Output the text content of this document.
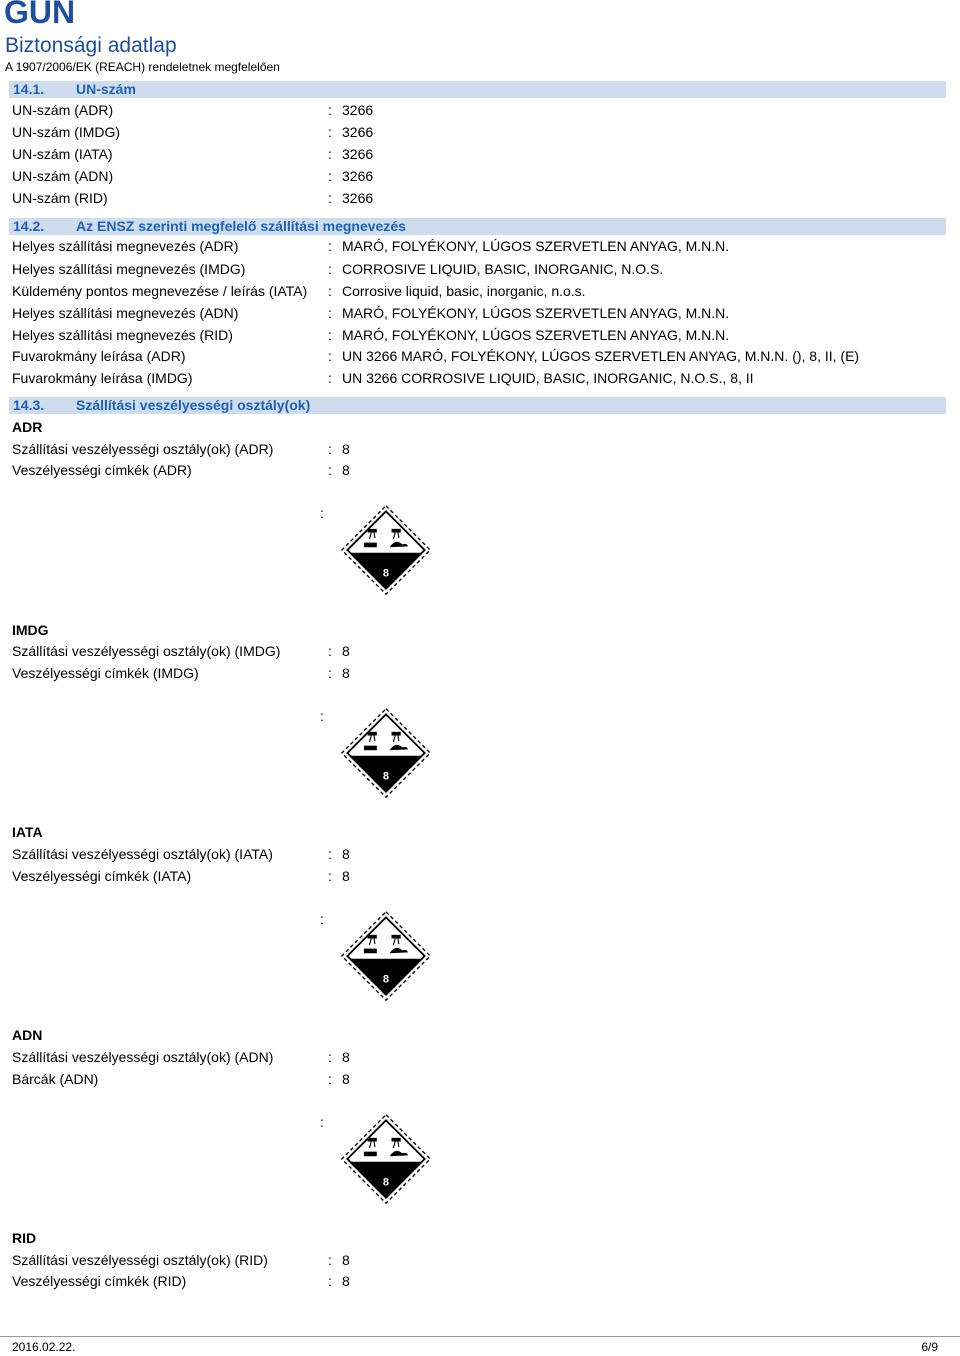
GUN
Biztonsági adatlap
A 1907/2006/EK (REACH) rendeletnek megfelelően
14.1. UN-szám
UN-szám (ADR)	: 3266
UN-szám (IMDG)	: 3266
UN-szám (IATA)	: 3266
UN-szám (ADN)	: 3266
UN-szám (RID)	: 3266
14.2. Az ENSZ szerinti megfelelő szállítási megnevezés
Helyes szállítási megnevezés (ADR)	: MARÓ, FOLYÉKONY, LÚGOS SZERVETLEN ANYAG, M.N.N.
Helyes szállítási megnevezés (IMDG)	: CORROSIVE LIQUID, BASIC, INORGANIC, N.O.S.
Küldemény pontos megnevezése / leírás (IATA) : Corrosive liquid, basic, inorganic, n.o.s.
Helyes szállítási megnevezés (ADN)	: MARÓ, FOLYÉKONY, LÚGOS SZERVETLEN ANYAG, M.N.N.
Helyes szállítási megnevezés (RID)	: MARÓ, FOLYÉKONY, LÚGOS SZERVETLEN ANYAG, M.N.N.
Fuvarokmány leírása (ADR)	: UN 3266 MARÓ, FOLYÉKONY, LÚGOS SZERVETLEN ANYAG, M.N.N. (), 8, II, (E)
Fuvarokmány leírása (IMDG)	: UN 3266 CORROSIVE LIQUID, BASIC, INORGANIC, N.O.S., 8, II
14.3. Szállítási veszélyességi osztály(ok)
ADR
Szállítási veszélyességi osztály(ok) (ADR)	: 8
Veszélyességi címkék (ADR)	: 8
:
8
IMDG
Szállítási veszélyességi osztály(ok) (IMDG)	: 8
Veszélyességi címkék (IMDG)	: 8
:
8
IATA
Szállítási veszélyességi osztály(ok) (IATA)	: 8
Veszélyességi címkék (IATA)	: 8
:
8
ADN
Szállítási veszélyességi osztály(ok) (ADN)	: 8
Bárcák (ADN)	: 8
:
8
RID
Szállítási veszélyességi osztály(ok) (RID)	: 8
Veszélyességi címkék (RID)	: 8
2016.02.22.	6/9
